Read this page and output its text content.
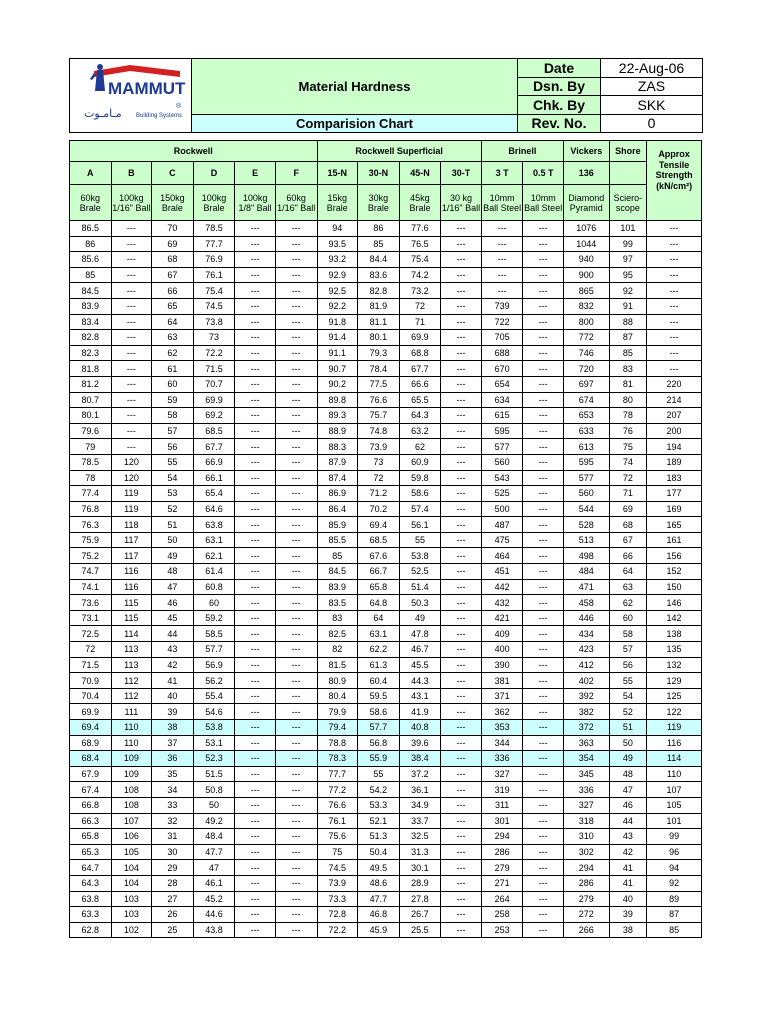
MAMMUT
مـامـوت Building Systems
®	Material Hardness	Date	22-Aug-06
		Dsn. By	ZAS
		Chk. By	SKK
	Comparision Chart	Rev. No.	0
Rockwell						Rockwell Superficial				Brinell		Vickers	Shore	Approx Tensile Strength (kN/cm²)
A	B	C	D	E	F	15-N	30-N	45-N	30-T	3 T	0.5 T	136		
60kg Brale	100kg 1/16" Ball	150kg Brale	100kg Brale	100kg 1/8" Ball	60kg 1/16" Ball	15kg Brale	30kg Brale	45kg Brale	30 kg 1/16" Ball	10mm Ball Steel	10mm Ball Steel	Diamond Pyramid	Sciero-scope	
86.5	---	70	78.5	---	---	94	86	77.6	---	---	---	1076	101	---
86	---	69	77.7	---	---	93.5	85	76.5	---	---	---	1044	99	---
85.6	---	68	76.9	---	---	93.2	84.4	75.4	---	---	---	940	97	---
85	---	67	76.1	---	---	92.9	83.6	74.2	---	---	---	900	95	---
84.5	---	66	75.4	---	---	92.5	82.8	73.2	---	---	---	865	92	---
83.9	---	65	74.5	---	---	92.2	81.9	72	---	739	---	832	91	---
83.4	---	64	73.8	---	---	91.8	81.1	71	---	722	---	800	88	---
82.8	---	63	73	---	---	91.4	80.1	69.9	---	705	---	772	87	---
82.3	---	62	72.2	---	---	91.1	79.3	68.8	---	688	---	746	85	---
81.8	---	61	71.5	---	---	90.7	78.4	67.7	---	670	---	720	83	---
81.2	---	60	70.7	---	---	90.2	77.5	66.6	---	654	---	697	81	220
80.7	---	59	69.9	---	---	89.8	76.6	65.5	---	634	---	674	80	214
80.1	---	58	69.2	---	---	89.3	75.7	64.3	---	615	---	653	78	207
79.6	---	57	68.5	---	---	88.9	74.8	63.2	---	595	---	633	76	200
79	---	56	67.7	---	---	88.3	73.9	62	---	577	---	613	75	194
78.5	120	55	66.9	---	---	87.9	73	60.9	---	560	---	595	74	189
78	120	54	66.1	---	---	87.4	72	59.8	---	543	---	577	72	183
77.4	119	53	65.4	---	---	86.9	71.2	58.6	---	525	---	560	71	177
76.8	119	52	64.6	---	---	86.4	70.2	57.4	---	500	---	544	69	169
76.3	118	51	63.8	---	---	85.9	69.4	56.1	---	487	---	528	68	165
75.9	117	50	63.1	---	---	85.5	68.5	55	---	475	---	513	67	161
75.2	117	49	62.1	---	---	85	67.6	53.8	---	464	---	498	66	156
74.7	116	48	61.4	---	---	84.5	66.7	52.5	---	451	---	484	64	152
74.1	116	47	60.8	---	---	83.9	65.8	51.4	---	442	---	471	63	150
73.6	115	46	60	---	---	83.5	64.8	50.3	---	432	---	458	62	146
73.1	115	45	59.2	---	---	83	64	49	---	421	---	446	60	142
72.5	114	44	58.5	---	---	82.5	63.1	47.8	---	409	---	434	58	138
72	113	43	57.7	---	---	82	62.2	46.7	---	400	---	423	57	135
71.5	113	42	56.9	---	---	81.5	61.3	45.5	---	390	---	412	56	132
70.9	112	41	56.2	---	---	80.9	60.4	44.3	---	381	---	402	55	129
70.4	112	40	55.4	---	---	80.4	59.5	43.1	---	371	---	392	54	125
69.9	111	39	54.6	---	---	79.9	58.6	41.9	---	362	---	382	52	122
69.4	110	38	53.8	---	---	79.4	57.7	40.8	---	353	---	372	51	119
68.9	110	37	53.1	---	---	78.8	56.8	39.6	---	344	---	363	50	116
68.4	109	36	52.3	---	---	78.3	55.9	38.4	---	336	---	354	49	114
67.9	109	35	51.5	---	---	77.7	55	37.2	---	327	---	345	48	110
67.4	108	34	50.8	---	---	77.2	54.2	36.1	---	319	---	336	47	107
66.8	108	33	50	---	---	76.6	53.3	34.9	---	311	---	327	46	105
66.3	107	32	49.2	---	---	76.1	52.1	33.7	---	301	---	318	44	101
65.8	106	31	48.4	---	---	75.6	51.3	32.5	---	294	---	310	43	99
65.3	105	30	47.7	---	---	75	50.4	31.3	---	286	---	302	42	96
64.7	104	29	47	---	---	74.5	49.5	30.1	---	279	---	294	41	94
64.3	104	28	46.1	---	---	73.9	48.6	28.9	---	271	---	286	41	92
63.8	103	27	45.2	---	---	73.3	47.7	27.8	---	264	---	279	40	89
63.3	103	26	44.6	---	---	72.8	46.8	26.7	---	258	---	272	39	87
62.8	102	25	43.8	---	---	72.2	45.9	25.5	---	253	---	266	38	85
